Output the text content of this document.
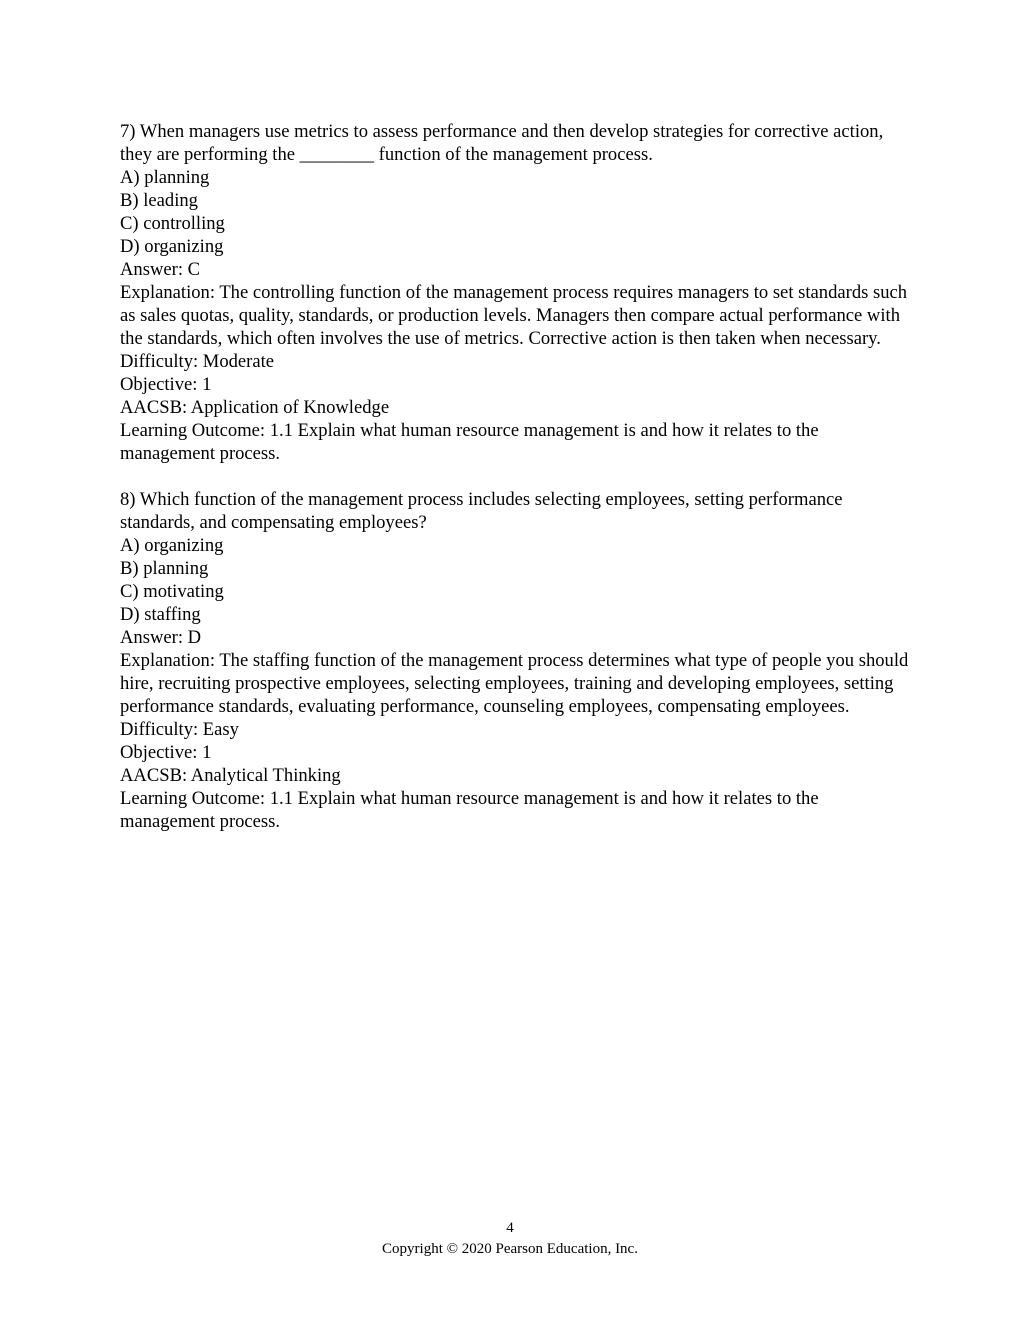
7) When managers use metrics to assess performance and then develop strategies for corrective action, they are performing the ________ function of the management process.
A) planning
B) leading
C) controlling
D) organizing
Answer: C
Explanation: The controlling function of the management process requires managers to set standards such as sales quotas, quality, standards, or production levels. Managers then compare actual performance with the standards, which often involves the use of metrics. Corrective action is then taken when necessary.
Difficulty: Moderate
Objective: 1
AACSB: Application of Knowledge
Learning Outcome: 1.1 Explain what human resource management is and how it relates to the management process.
8) Which function of the management process includes selecting employees, setting performance standards, and compensating employees?
A) organizing
B) planning
C) motivating
D) staffing
Answer: D
Explanation: The staffing function of the management process determines what type of people you should hire, recruiting prospective employees, selecting employees, training and developing employees, setting performance standards, evaluating performance, counseling employees, compensating employees.
Difficulty: Easy
Objective: 1
AACSB: Analytical Thinking
Learning Outcome: 1.1 Explain what human resource management is and how it relates to the management process.
4
Copyright © 2020 Pearson Education, Inc.
